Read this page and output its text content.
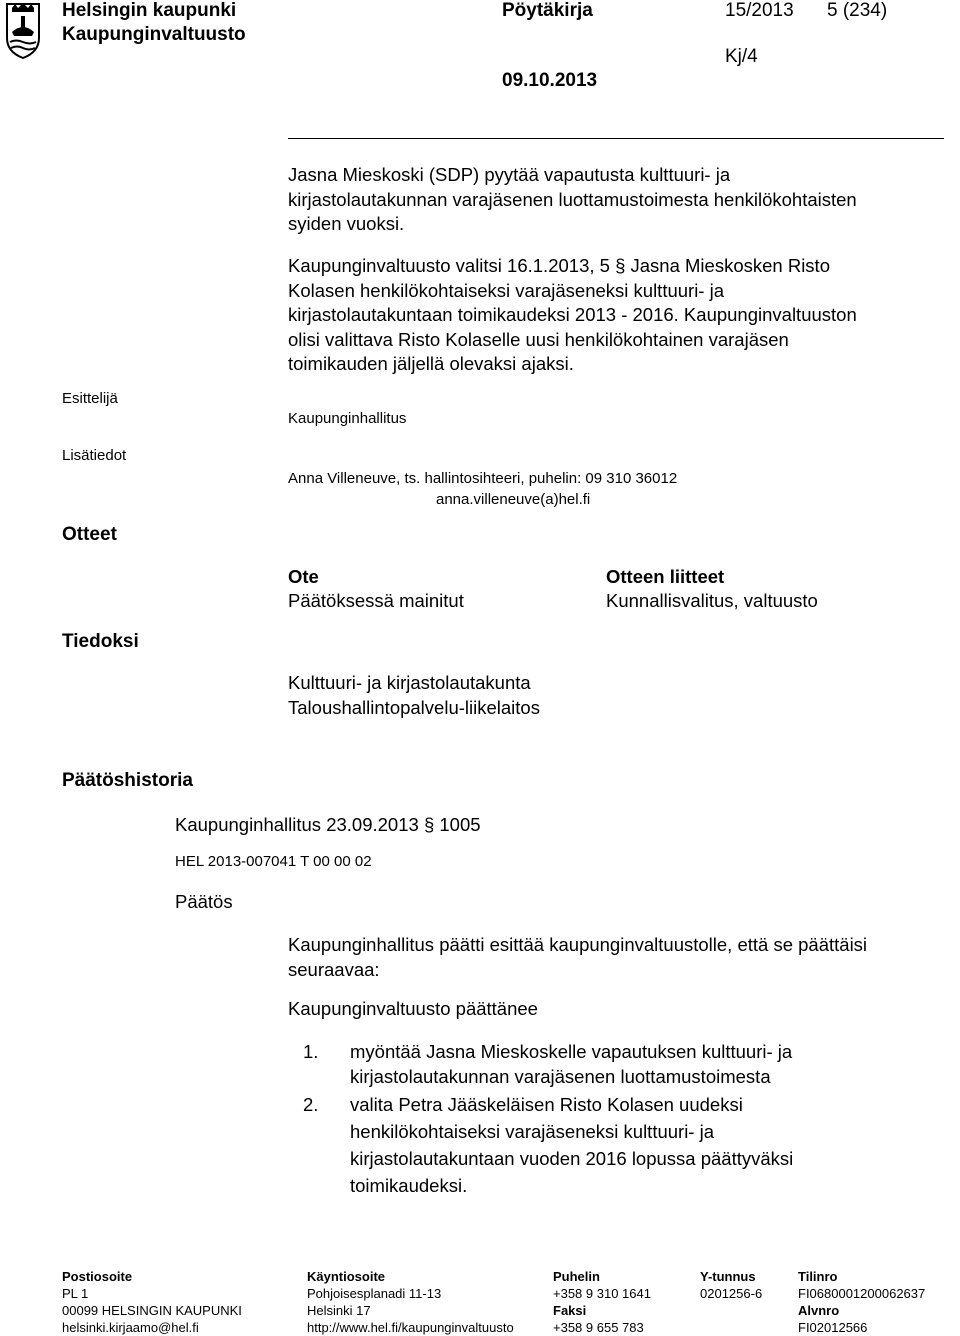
Helsingin kaupunki
Kaupunginvaltuusto
Pöytäkirja	15/2013 5 (234)
Kj/4
09.10.2013
Jasna Mieskoski (SDP) pyytää vapautusta kulttuuri- ja
kirjastolautakunnan varajäsenen luottamustoimesta henkilökohtaisten
syiden vuoksi.
Kaupunginvaltuusto valitsi 16.1.2013, 5 § Jasna Mieskosken Risto
Kolasen henkilökohtaiseksi varajäseneksi kulttuuri- ja
kirjastolautakuntaan toimikaudeksi 2013 - 2016. Kaupunginvaltuuston
olisi valittava Risto Kolaselle uusi henkilökohtainen varajäsen
toimikauden jäljellä olevaksi ajaksi.
Esittelijä
Kaupunginhallitus
Lisätiedot
Anna Villeneuve, ts. hallintosihteeri, puhelin: 09 310 36012
anna.villeneuve(a)hel.fi
Otteet
Ote
Päätöksessä mainitut
Otteen liitteet
Kunnallisvalitus, valtuusto
Tiedoksi
Kulttuuri- ja kirjastolautakunta
Taloushallintopalvelu-liikelaitos
Päätöshistoria
Kaupunginhallitus 23.09.2013 § 1005
HEL 2013-007041 T 00 00 02
Päätös
Kaupunginhallitus päätti esittää kaupunginvaltuustolle, että se päättäisi
seuraavaa:
Kaupunginvaltuusto päättänee
1. myöntää Jasna Mieskoskelle vapautuksen kulttuuri- ja
kirjastolautakunnan varajäsenen luottamustoimesta
2. valita Petra Jääskeläisen Risto Kolasen uudeksi
henkilökohtaiseksi varajäseneksi kulttuuri- ja
kirjastolautakuntaan vuoden 2016 lopussa päättyväksi
toimikaudeksi.
Postiosoite
PL 1
00099 HELSINGIN KAUPUNKI
helsinki.kirjaamo@hel.fi
Käyntiosoite
Pohjoisesplanadi 11-13
Helsinki 17
http://www.hel.fi/kaupunginvaltuusto
Puhelin
+358 9 310 1641
Faksi
+358 9 655 783
Y-tunnus
0201256-6
Tilinro
FI0680001200062637
Alvnro
FI02012566
